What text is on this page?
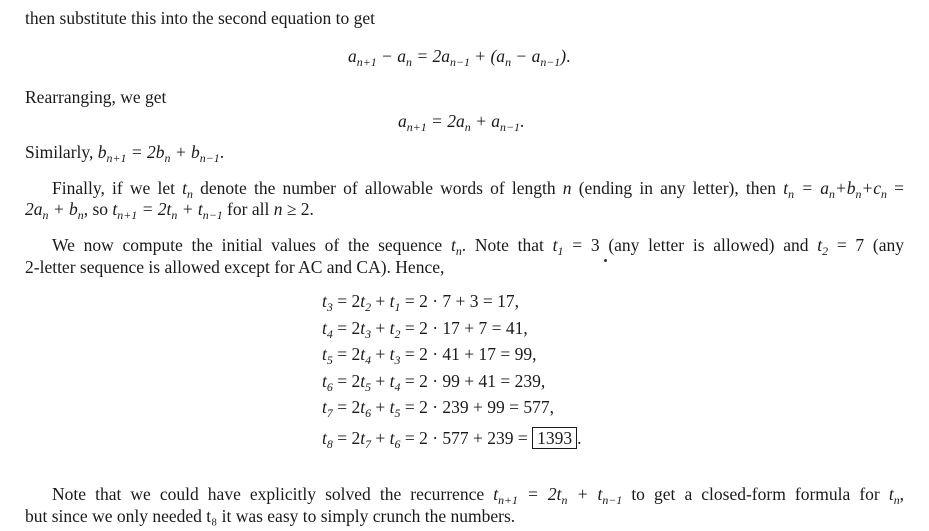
then substitute this into the second equation to get
$a_{n+1} - a_n = 2a_{n-1} + (a_n - a_{n-1})$.
Rearranging, we get
$a_{n+1} = 2a_n + a_{n-1}$.
Similarly, $b_{n+1} = 2b_n + b_{n-1}$.
Finally, if we let $t_n$ denote the number of allowable words of length n (ending in any letter), then $t_n = a_n+b_n+c_n$ =
$2a_n + b_n$, so $t_{n+1} = 2t_n + t_{n-1}$ for all n ≥ 2.
We now compute the initial values of the sequence $t_n$. Note that $t_1 = 3$ (any letter is allowed) and $t_2 = 7$ (any
2-letter sequence is allowed except for AC and CA). Hence,
$t_3 = 2t_2 + t_1 = 2 \cdot 7 + 3 = 17$,
$t_4 = 2t_3 + t_2 = 2 \cdot 17 + 7 = 41$,
$t_5 = 2t_4 + t_3 = 2 \cdot 41 + 17 = 99$,
$t_6 = 2t_5 + t_4 = 2 \cdot 99 + 41 = 239$,
$t_7 = 2t_6 + t_5 = 2 \cdot 239 + 99 = 577$,
$t_8 = 2t_7 + t_6 = 2 \cdot 577 + 239 = 1393$ .
Note that we could have explicitly solved the recurrence $t_{n+1} = 2t_n + t_{n-1}$ to get a closed-form formula for $t_n$,
but since we only needed t₈ it was easy to simply crunch the numbers.
